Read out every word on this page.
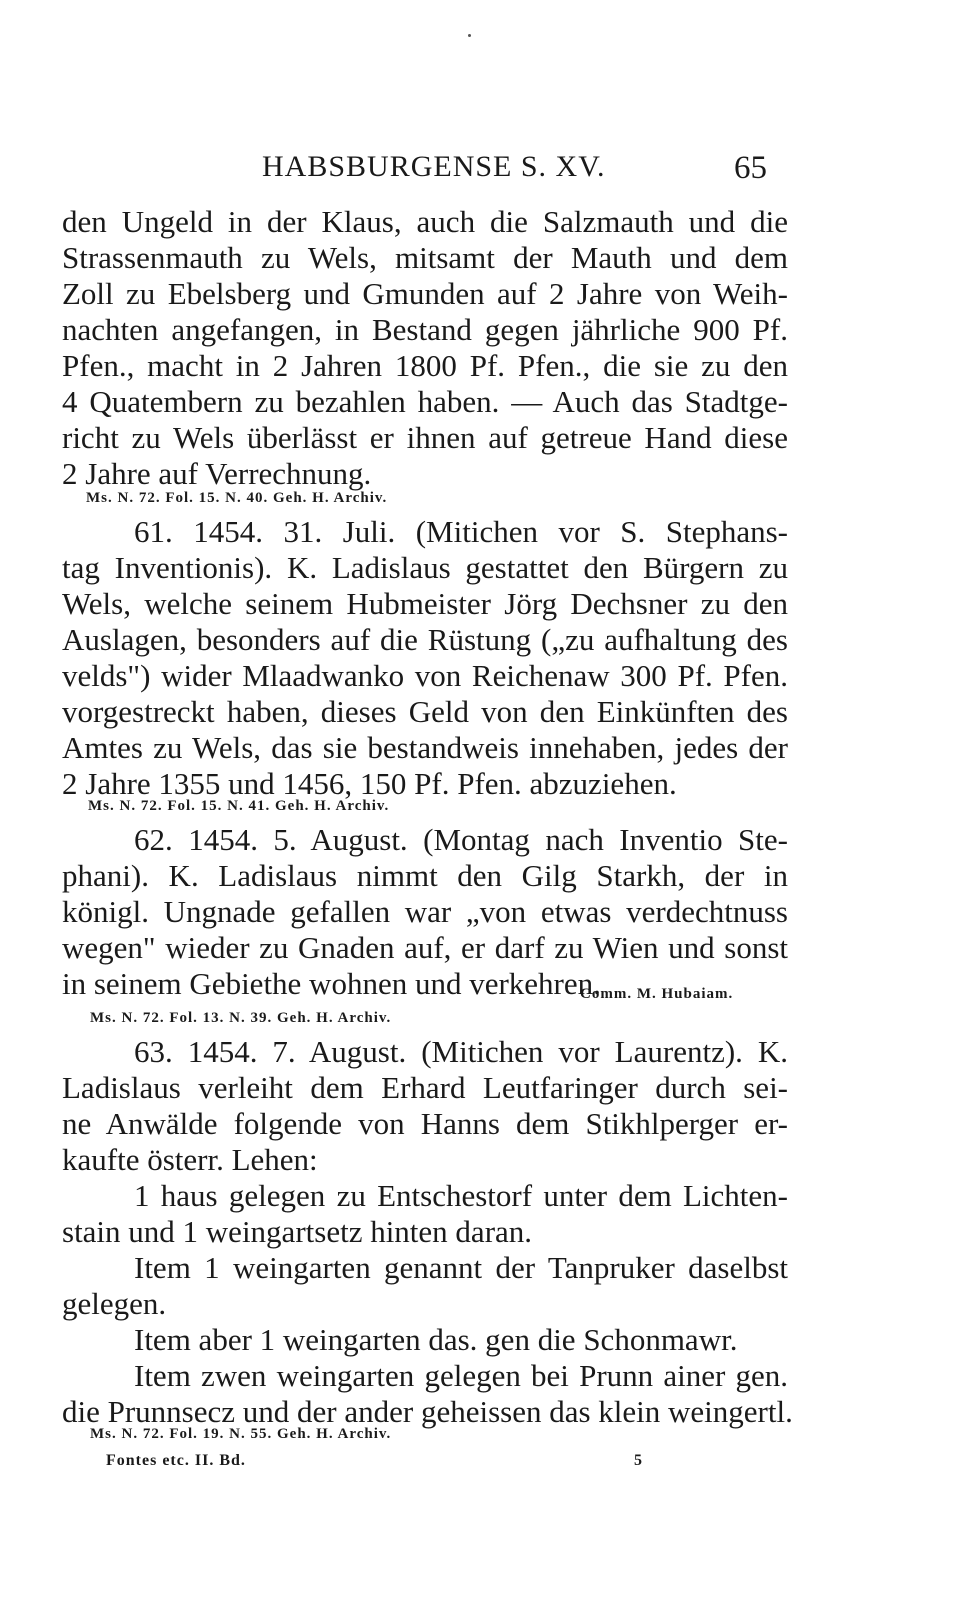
HABSBURGENSE S. XV.	65
den Ungeld in der Klaus, auch die Salzmauth und die
Strassenmauth zu Wels, mitsamt der Mauth und dem
Zoll zu Ebelsberg und Gmunden auf 2 Jahre von Weih-
nachten angefangen, in Bestand gegen jährliche 900 Pf.
Pfen., macht in 2 Jahren 1800 Pf. Pfen., die sie zu den
4 Quatembern zu bezahlen haben. — Auch das Stadtge-
richt zu Wels überlässt er ihnen auf getreue Hand diese
2 Jahre auf Verrechnung.
Ms. N. 72. Fol. 15. N. 40. Geh. H. Archiv.
61. 1454. 31. Juli. (Mitichen vor S. Stephans-
tag Inventionis). K. Ladislaus gestattet den Bürgern zu
Wels, welche seinem Hubmeister Jörg Dechsner zu den
Auslagen, besonders auf die Rüstung („zu aufhaltung des
velds") wider Mlaadwanko von Reichenaw 300 Pf. Pfen.
vorgestreckt haben, dieses Geld von den Einkünften des
Amtes zu Wels, das sie bestandweis innehaben, jedes der
2 Jahre 1355 und 1456, 150 Pf. Pfen. abzuziehen.
Ms. N. 72. Fol. 15. N. 41. Geh. H. Archiv.
62. 1454. 5. August. (Montag nach Inventio Ste-
phani). K. Ladislaus nimmt den Gilg Starkh, der in
königl. Ungnade gefallen war „von etwas verdechtnuss
wegen" wieder zu Gnaden auf, er darf zu Wien und sonst
in seinem Gebiethe wohnen und verkehren.
Comm. M. Hubaiam.
Ms. N. 72. Fol. 13. N. 39. Geh. H. Archiv.
63. 1454. 7. August. (Mitichen vor Laurentz). K.
Ladislaus verleiht dem Erhard Leutfaringer durch sei-
ne Anwälde folgende von Hanns dem Stikhlperger er-
kaufte österr. Lehen:
1 haus gelegen zu Entschestorf unter dem Lichten-
stain und 1 weingartsetz hinten daran.
Item 1 weingarten genannt der Tanpruker daselbst
gelegen.
Item aber 1 weingarten das. gen die Schonmawr.
Item zwen weingarten gelegen bei Prunn ainer gen.
die Prunnsecz und der ander geheissen das klein weingertl.
Ms. N. 72. Fol. 19. N. 55. Geh. H. Archiv.
Fontes etc. II. Bd.	5
